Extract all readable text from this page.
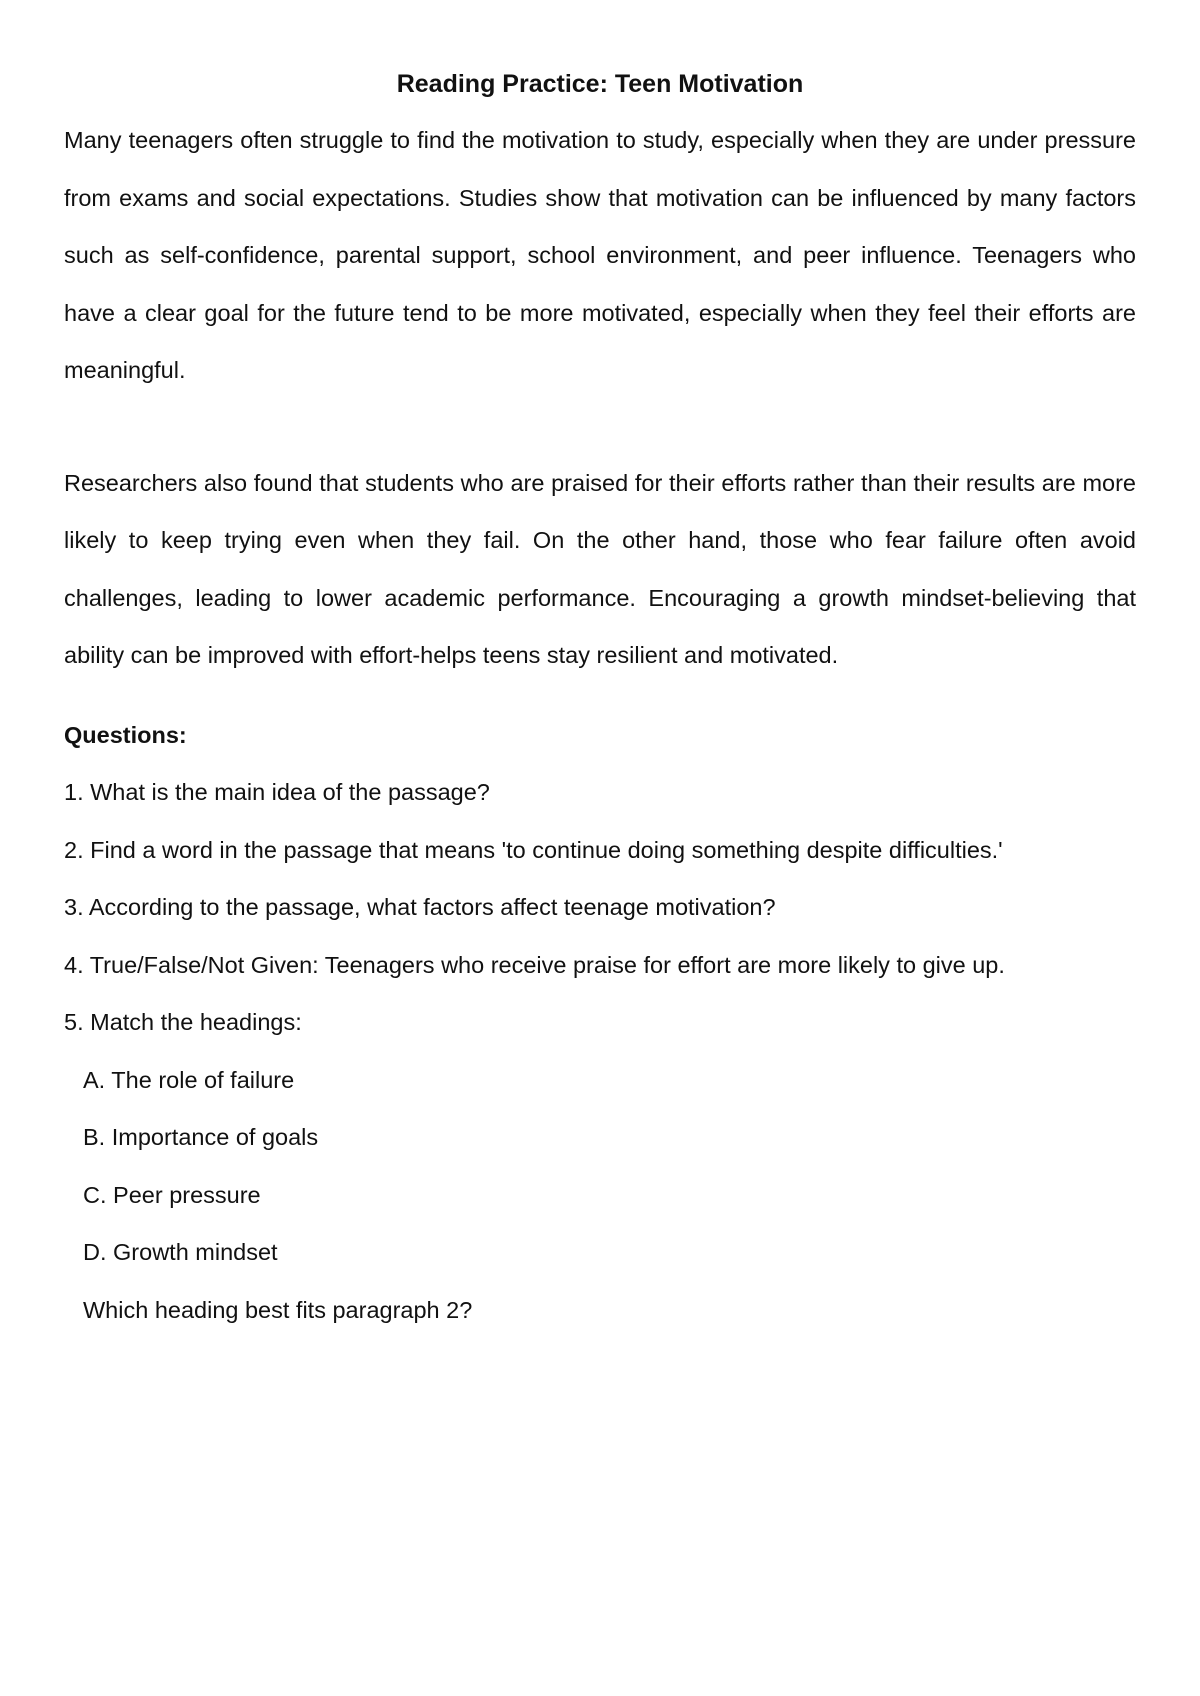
Reading Practice: Teen Motivation

Many teenagers often struggle to find the motivation to study, especially when they are under pressure from exams and social expectations. Studies show that motivation can be influenced by many factors such as self-confidence, parental support, school environment, and peer influence. Teenagers who have a clear goal for the future tend to be more motivated, especially when they feel their efforts are meaningful.

Researchers also found that students who are praised for their efforts rather than their results are more likely to keep trying even when they fail. On the other hand, those who fear failure often avoid challenges, leading to lower academic performance. Encouraging a growth mindset-believing that ability can be improved with effort-helps teens stay resilient and motivated.

Questions:

1. What is the main idea of the passage?

2. Find a word in the passage that means 'to continue doing something despite difficulties.'

3. According to the passage, what factors affect teenage motivation?

4. True/False/Not Given: Teenagers who receive praise for effort are more likely to give up.

5. Match the headings:

A. The role of failure

B. Importance of goals

C. Peer pressure

D. Growth mindset

Which heading best fits paragraph 2?
